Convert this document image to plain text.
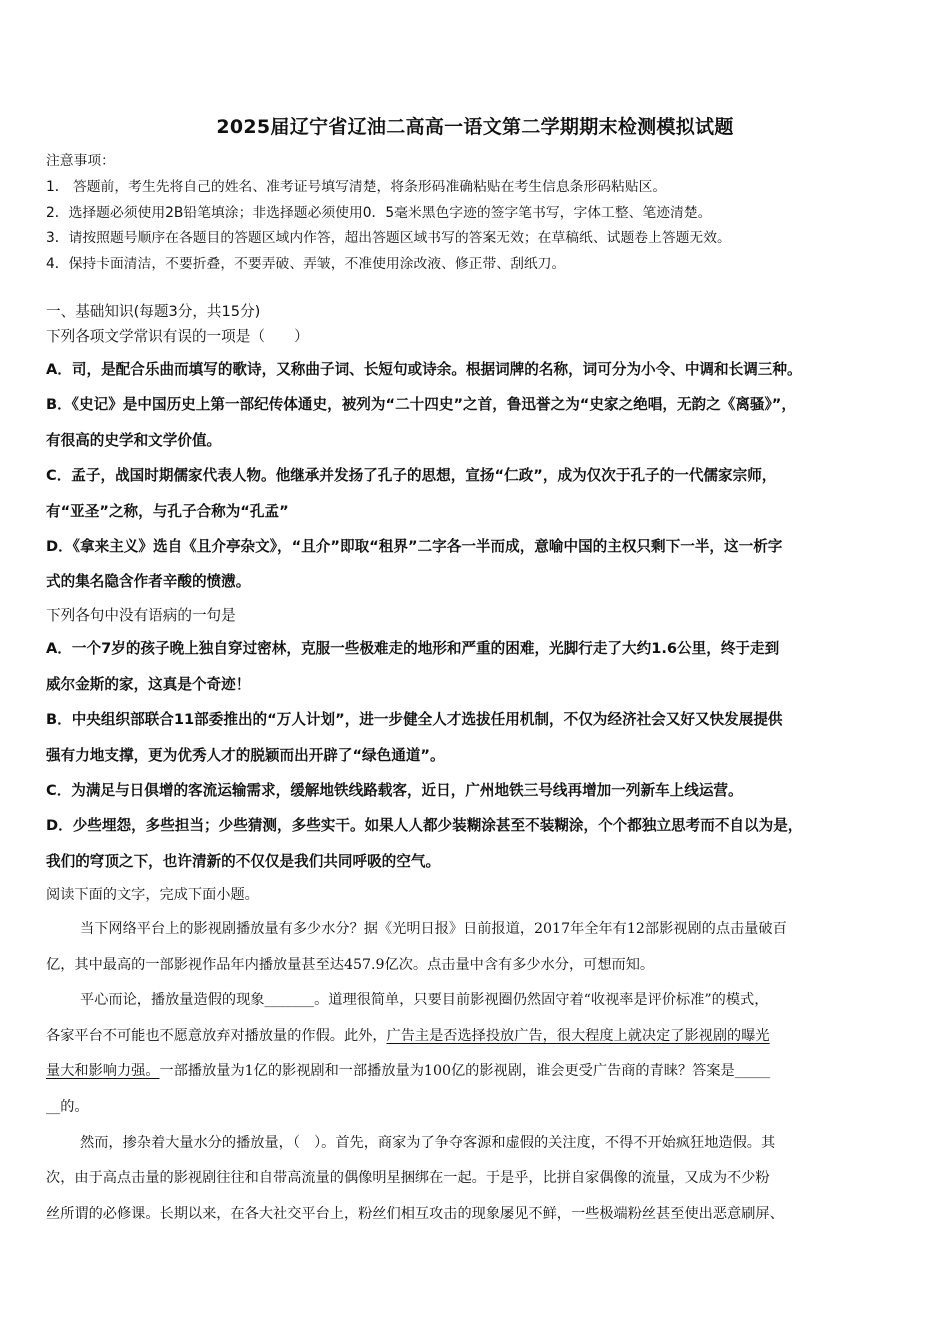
2025届辽宁省辽油二高高一语文第二学期期末检测模拟试题
注意事项：
1． 答题前，考生先将自己的姓名、准考证号填写清楚，将条形码准确粘贴在考生信息条形码粘贴区。
2．选择题必须使用2B铅笔填涂；非选择题必须使用0．5毫米黑色字迹的签字笔书写，字体工整、笔迹清楚。
3．请按照题号顺序在各题目的答题区域内作答，超出答题区域书写的答案无效；在草稿纸、试题卷上答题无效。
4．保持卡面清洁，不要折叠，不要弄破、弄皱，不准使用涂改液、修正带、刮纸刀。
一、基础知识(每题3分，共15分)
下列各项文学常识有误的一项是（　　）
A．司，是配合乐曲而填写的歌诗，又称曲子词、长短句或诗余。根据词牌的名称，词可分为小令、中调和长调三种。
B．《史记》是中国历史上第一部纪传体通史，被列为“二十四史”之首，鲁迅誉之为“史家之绝唱，无韵之《离骚》”，
有很高的史学和文学价值。
C．孟子，战国时期儒家代表人物。他继承并发扬了孔子的思想，宣扬“仁政”，成为仅次于孔子的一代儒家宗师，
有“亚圣”之称，与孔子合称为“孔孟”
D．《拿来主义》选自《且介亭杂文》，“且介”即取“租界”二字各一半而成，意喻中国的主权只剩下一半，这一析字
式的集名隐含作者辛酸的愤懑。
下列各句中没有语病的一句是
A．一个7岁的孩子晚上独自穿过密林，克服一些极难走的地形和严重的困难，光脚行走了大约1.6公里，终于走到
威尔金斯的家，这真是个奇迹！
B．中央组织部联合11部委推出的“万人计划”，进一步健全人才选拔任用机制，不仅为经济社会又好又快发展提供
强有力地支撑，更为优秀人才的脱颖而出开辟了“绿色通道”。
C．为满足与日俱增的客流运输需求，缓解地铁线路载客，近日，广州地铁三号线再增加一列新车上线运营。
D．少些埋怨，多些担当；少些猜测，多些实干。如果人人都少装糊涂甚至不装糊涂，个个都独立思考而不自以为是，
我们的穹顶之下，也许清新的不仅仅是我们共同呼吸的空气。
阅读下面的文字，完成下面小题。
当下网络平台上的影视剧播放量有多少水分？据《光明日报》日前报道，2017年全年有12部影视剧的点击量破百
亿，其中最高的一部影视作品年内播放量甚至达457.9亿次。点击量中含有多少水分，可想而知。
平心而论，播放量造假的现象_______。道理很简单，只要目前影视圈仍然固守着“收视率是评价标准”的模式，
各家平台不可能也不愿意放弃对播放量的作假。此外，广告主是否选择投放广告，很大程度上就决定了影视剧的曝光
量大和影响力强。一部播放量为1亿的影视剧和一部播放量为100亿的影视剧，谁会更受广告商的青睐？答案是_____
__的。
然而，掺杂着大量水分的播放量，（　）。首先，商家为了争夺客源和虚假的关注度，不得不开始疯狂地造假。其
次，由于高点击量的影视剧往往和自带高流量的偶像明星捆绑在一起。于是乎，比拼自家偶像的流量，又成为不少粉
丝所谓的必修课。长期以来，在各大社交平台上，粉丝们相互攻击的现象屡见不鲜，一些极端粉丝甚至使出恶意刷屏、
